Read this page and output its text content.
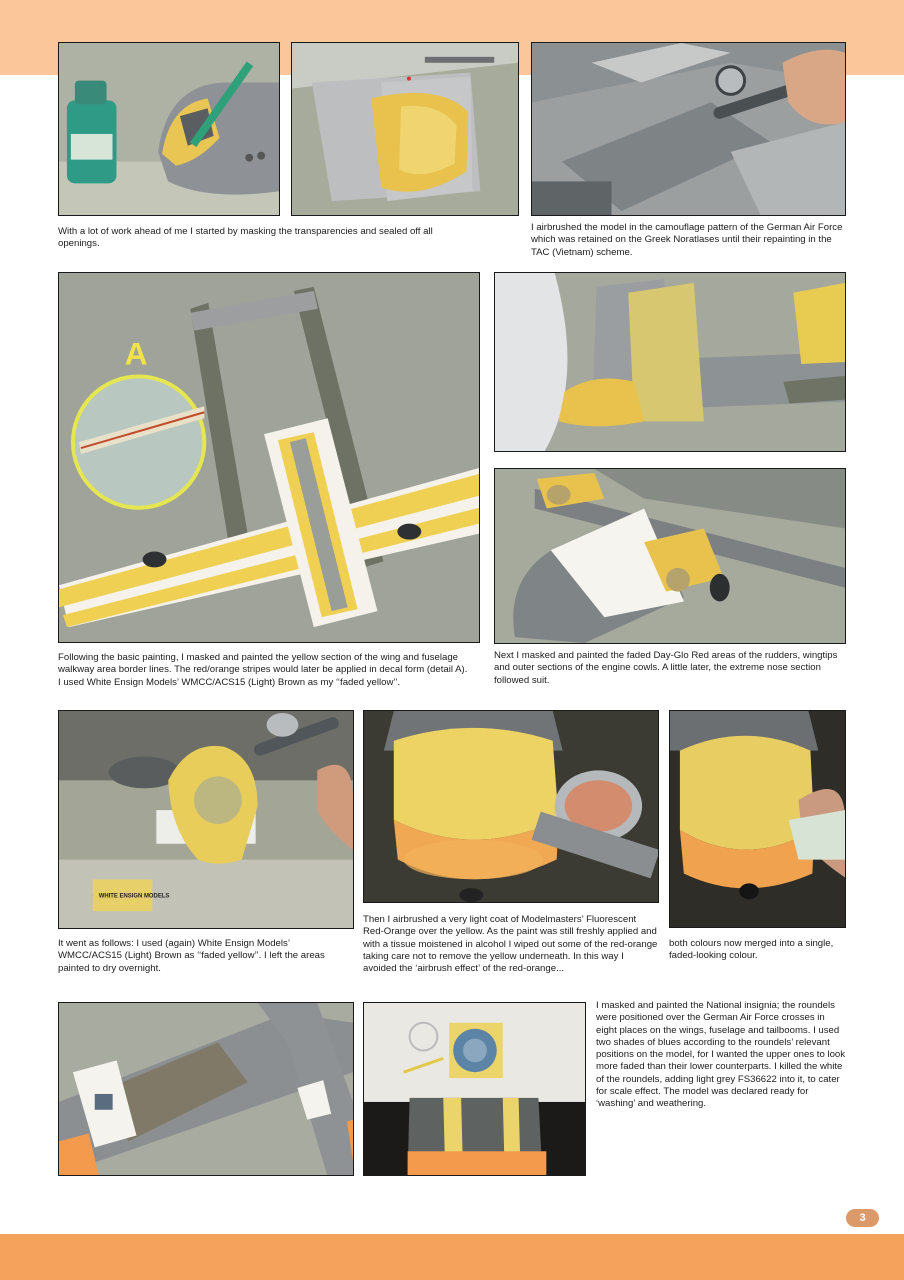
With a lot of work ahead of me I started by masking the transparencies and sealed off all openings.

I airbrushed the model in the camouflage pattern of the German Air Force which was retained on the Greek Noratlases until their repainting in the TAC (Vietnam) scheme.

A

Following the basic painting, I masked and painted the yellow section of the wing and fuselage walkway area border lines. The red/orange stripes would later be applied in decal form (detail A). I used White Ensign Models’ WMCC/ACS15 (Light) Brown as my ‘‘faded yellow’’.

Next I masked and painted the faded Day-Glo Red areas of the rudders, wingtips and outer sections of the engine cowls. A little later, the extreme nose section followed suit.

WHITE ENSIGN MODELS

It went as follows: I used (again) White Ensign Models’ WMCC/ACS15 (Light) Brown as ‘‘faded yellow’’. I left the areas painted to dry overnight.

Then I airbrushed a very light coat of Modelmasters’ Fluorescent Red-Orange over the yellow. As the paint was still freshly applied and with a tissue moistened in alcohol I wiped out some of the red-orange taking care not to remove the yellow underneath. In this way I avoided the ‘airbrush effect’ of the red-orange...

both colours now merged into a single, faded-looking colour.

I masked and painted the National insignia; the roundels were positioned over the German Air Force crosses in eight places on the wings, fuselage and tailbooms. I used two shades of blues according to the roundels’ relevant positions on the model, for I wanted the upper ones to look more faded than their lower counterparts. I killed the white of the roundels, adding light grey FS36622 into it, to cater for scale effect. The model was declared ready for ‘washing’ and weathering.

3
